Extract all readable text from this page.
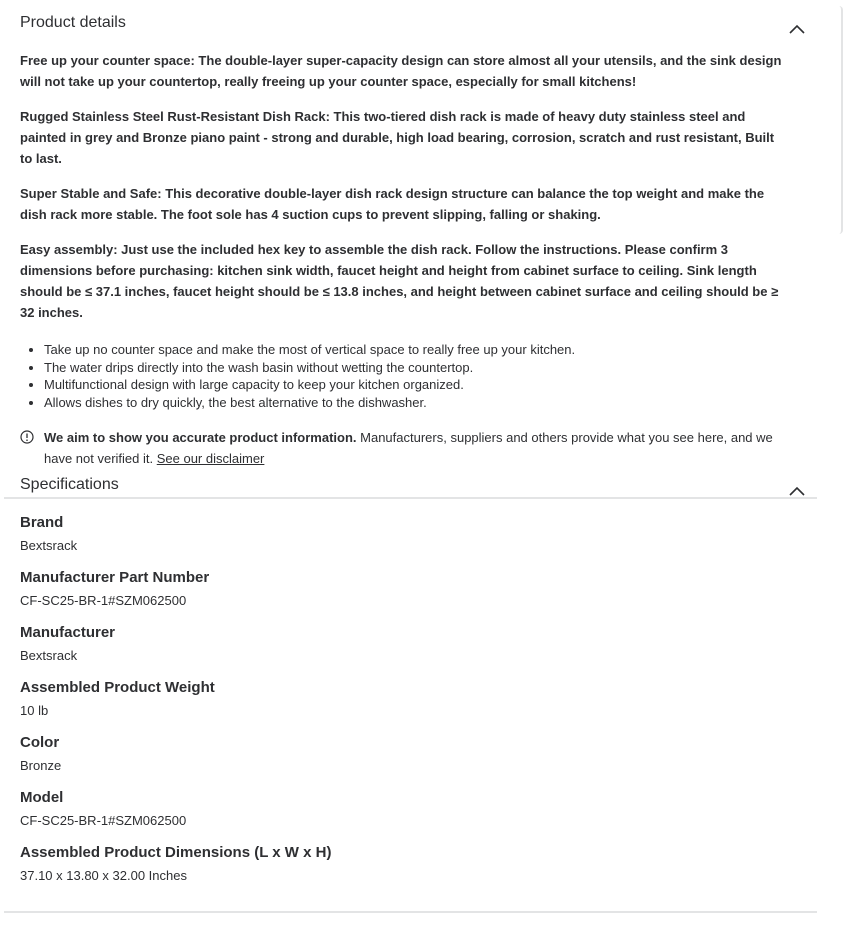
Product details

Free up your counter space: The double-layer super-capacity design can store almost all your utensils, and the sink design will not take up your countertop, really freeing up your counter space, especially for small kitchens!

Rugged Stainless Steel Rust-Resistant Dish Rack: This two-tiered dish rack is made of heavy duty stainless steel and painted in grey and Bronze piano paint - strong and durable, high load bearing, corrosion, scratch and rust resistant, Built to last.

Super Stable and Safe: This decorative double-layer dish rack design structure can balance the top weight and make the dish rack more stable. The foot sole has 4 suction cups to prevent slipping, falling or shaking.

Easy assembly: Just use the included hex key to assemble the dish rack. Follow the instructions. Please confirm 3 dimensions before purchasing: kitchen sink width, faucet height and height from cabinet surface to ceiling. Sink length should be ≤ 37.1 inches, faucet height should be ≤ 13.8 inches, and height between cabinet surface and ceiling should be ≥ 32 inches.

• Take up no counter space and make the most of vertical space to really free up your kitchen.
• The water drips directly into the wash basin without wetting the countertop.
• Multifunctional design with large capacity to keep your kitchen organized.
• Allows dishes to dry quickly, the best alternative to the dishwasher.
We aim to show you accurate product information. Manufacturers, suppliers and others provide what you see here, and we have not verified it. See our disclaimer
Specifications
Brand
Bextsrack
Manufacturer Part Number
CF-SC25-BR-1#SZM062500
Manufacturer
Bextsrack
Assembled Product Weight
10 lb
Color
Bronze
Model
CF-SC25-BR-1#SZM062500
Assembled Product Dimensions (L x W x H)
37.10 x 13.80 x 32.00 Inches
